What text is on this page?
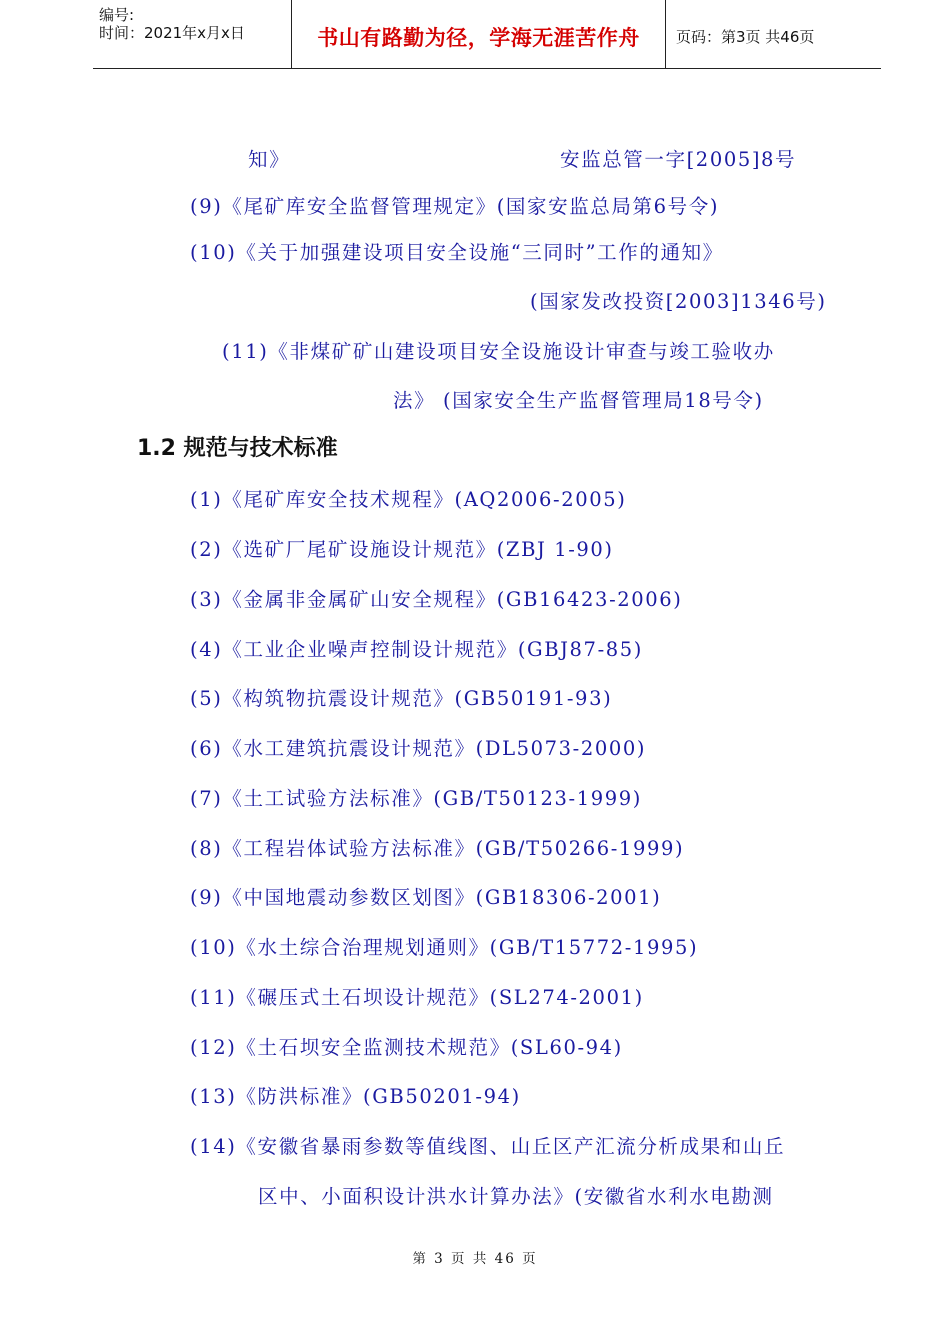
编号:
时间：2021年x月x日	书山有路勤为径，学海无涯苦作舟	页码：第3页 共46页
知》	安监总管一字[2005]8号
(9)《尾矿库安全监督管理规定》(国家安监总局第6号令)
(10)《关于加强建设项目安全设施“三同时”工作的通知》
(国家发改投资[2003]1346号)
(11)《非煤矿矿山建设项目安全设施设计审查与竣工验收办
法》 (国家安全生产监督管理局18号令)
1.2 规范与技术标准
(1)《尾矿库安全技术规程》(AQ2006-2005)
(2)《选矿厂尾矿设施设计规范》(ZBJ 1-90)
(3)《金属非金属矿山安全规程》(GB16423-2006)
(4)《工业企业噪声控制设计规范》(GBJ87-85)
(5)《构筑物抗震设计规范》(GB50191-93)
(6)《水工建筑抗震设计规范》(DL5073-2000)
(7)《土工试验方法标准》(GB/T50123-1999)
(8)《工程岩体试验方法标准》(GB/T50266-1999)
(9)《中国地震动参数区划图》(GB18306-2001)
(10)《水土综合治理规划通则》(GB/T15772-1995)
(11)《碾压式土石坝设计规范》(SL274-2001)
(12)《土石坝安全监测技术规范》(SL60-94)
(13)《防洪标准》(GB50201-94)
(14)《安徽省暴雨参数等值线图、山丘区产汇流分析成果和山丘
区中、小面积设计洪水计算办法》(安徽省水利水电勘测
第 3 页 共 46 页
